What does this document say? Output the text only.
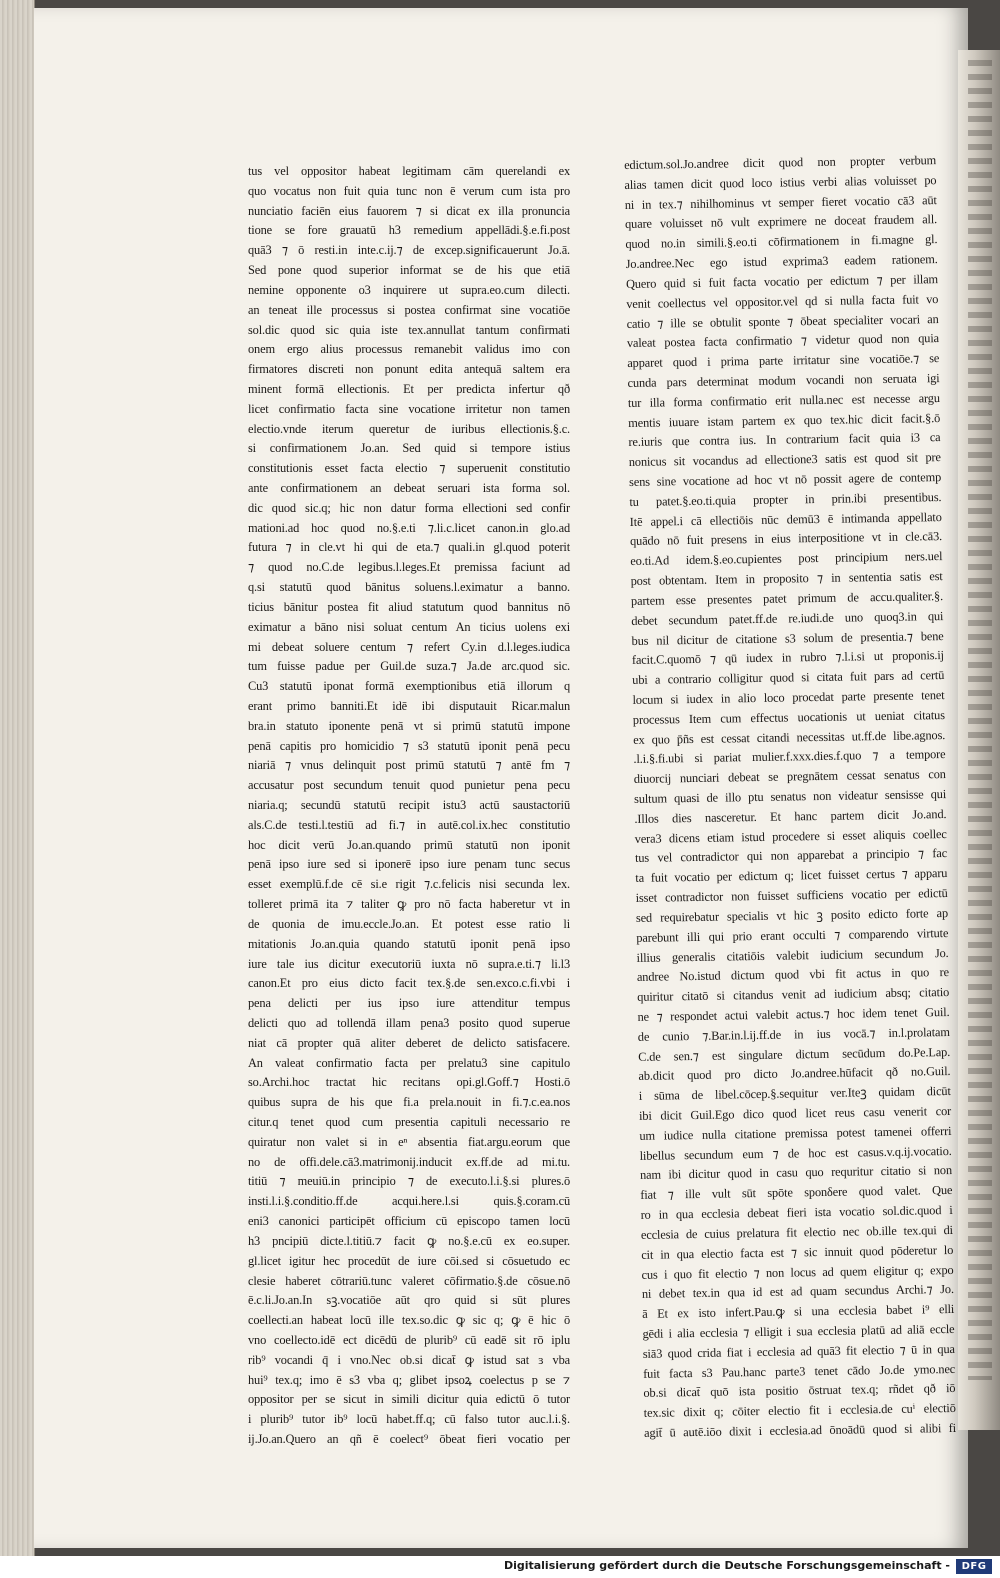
tus vel oppositor habeat legitimam cām querelandi ex
quo vocatus non fuit quia tunc non ē verum cum ista pro
nunciatio faciēn eius fauorem ⁊ si dicat ex illa pronuncia
tione se fore grauatū h3 remedium appellādi.§.e.fi.post
quā3 ⁊ ō resti.in inte.c.ij.⁊ de excep.significauerunt Jo.ā.
Sed pone quod superior informat se de his que etiā
nemine opponente o3 inquirere ut supra.eo.cum dilecti.
an teneat ille processus si postea confirmat sine vocatiōe
sol.dic quod sic quia iste tex.annullat tantum confirmati
onem ergo alius processus remanebit validus imo con
firmatores discreti non ponunt edita antequā saltem era
minent formā ellectionis. Et per predicta infertur qð
licet confirmatio facta sine vocatione irritetur non tamen
electio.vnde iterum queretur de iuribus ellectionis.§.c.
si confirmationem Jo.an. Sed quid si tempore istius
constitutionis esset facta electio ⁊ superuenit constitutio
ante confirmationem an debeat seruari ista forma sol.
dic quod sic.q; hic non datur forma ellectioni sed confir
mationi.ad hoc quod no.§.e.ti ⁊.li.c.licet canon.in glo.ad
futura ⁊ in cle.vt hi qui de eta.⁊ quali.in gl.quod poterit
⁊ quod no.C.de legibus.l.leges.Et premissa faciunt ad
q.si statutū quod bānitus soluens.l.eximatur a banno.
ticius bānitur postea fit aliud statutum quod bannitus nō
eximatur a bāno nisi soluat centum An ticius uolens exi
mi debeat soluere centum ⁊ refert Cy.in d.l.leges.iudica
tum fuisse padue per Guil.de suza.⁊ Ja.de arc.quod sic.
Cu3 statutū iponat formā exemptionibus etiā illorum q
erant primo banniti.Et idē ibi disputauit Ricar.malun
bra.in statuto iponente penā vt si primū statutū impone
penā capitis pro homicidio ⁊ s3 statutū iponit penā pecu
niariā ⁊ vnus delinquit post primū statutū ⁊ antē fm ⁊
accusatur post secundum tenuit quod punietur pena pecu
niaria.q; secundū statutū recipit istu3 actū saustactoriū
als.C.de testi.l.testiū ad fi.⁊ in autē.col.ix.hec constitutio
hoc dicit verū Jo.an.quando primū statutū non iponit
penā ipso iure sed si iponerē ipso iure penam tunc secus
esset exemplū.f.de cē si.e rigit ⁊.c.felicis nisi secunda lex.
tolleret primā ita ⁊ taliter ꝙ pro nō facta haberetur vt in
de quonia de imu.eccle.Jo.an. Et potest esse ratio li
mitationis Jo.an.quia quando statutū iponit penā ipso
iure tale ius dicitur executoriū iuxta nō supra.e.ti.⁊ li.l3
canon.Et pro eius dicto facit tex.§.de sen.exco.c.fi.vbi i
pena delicti per ius ipso iure attenditur tempus
delicti quo ad tollendā illam pena3 posito quod superue
niat cā propter quā aliter deberet de delicto satisfacere.
An valeat confirmatio facta per prelatu3 sine capitulo
so.Archi.hoc tractat hic recitans opi.gl.Goff.⁊ Hosti.ō
quibus supra de his que fi.a prela.nouit in fi.⁊.c.ea.nos
citur.q tenet quod cum presentia capituli necessario re
quiratur non valet si in eⁿ absentia fiat.argu.eorum que
no de offi.dele.cā3.matrimonij.inducit ex.ff.de ad mi.tu.
titiū ⁊ meuiū.in principio ⁊ de executo.l.i.§.si plures.ō
insti.l.i.§.conditio.ff.de acqui.here.l.si quis.§.coram.cū
eni3 canonici participēt officium cū episcopo tamen locū
h3 pncipiū dicte.l.titiū.⁊ facit ꝙ no.§.e.cū ex eo.super.
gl.licet igitur hec procedūt de iure cōi.sed si cōsuetudo ec
clesie haberet cōtrariū.tunc valeret cōfirmatio.§.de cōsue.nō
ē.c.li.Jo.an.In sꝫ.vocatiōe aūt qro quid si sūt plures
coellecti.an habeat locū ille tex.so.dic ꝙ sic q; ꝙ ē hic ō
vno coellecto.idē ect dicēdū de plurib⁹ cū eadē sit rō iplu
rib⁹ vocandi q̄ i vno.Nec ob.si dicat̄ ꝙ istud sat ɜ vba
hui⁹ tex.q; imo ē s3 vba q; glibet ipsoꝝ coelectus p se ⁊
oppositor per se sicut in simili dicitur quia edictū ō tutor
i plurib⁹ tutor ib⁹ locū habet.ff.q; cū falso tutor auc.l.i.§.
ij.Jo.an.Quero an qñ ē coelect⁹ ōbeat fieri vocatio per
edictum.sol.Jo.andree dicit quod non propter verbum
alias tamen dicit quod loco istius verbi alias voluisset po
ni in tex.⁊ nihilhominus vt semper fieret vocatio cā3 aūt
quare voluisset nō vult exprimere ne doceat fraudem all.
quod no.in simili.§.eo.ti cōfirmationem in fi.magne gl.
Jo.andree.Nec ego istud exprima3 eadem rationem.
Quero quid si fuit facta vocatio per edictum ⁊ per illam
venit coellectus vel oppositor.vel qd si nulla facta fuit vo
catio ⁊ ille se obtulit sponte ⁊ ōbeat specialiter vocari an
valeat postea facta confirmatio ⁊ videtur quod non quia
apparet quod i prima parte irritatur sine vocatiōe.⁊ se
cunda pars determinat modum vocandi non seruata igi
tur illa forma confirmatio erit nulla.nec est necesse argu
mentis iuuare istam partem ex quo tex.hic dicit facit.§.ō
re.iuris que contra ius. In contrarium facit quia i3 ca
nonicus sit vocandus ad ellectione3 satis est quod sit pre
sens sine vocatione ad hoc vt nō possit agere de contemp
tu patet.§.eo.ti.quia propter in prin.ibi presentibus.
Itē appel.i cā ellectiōis nūc demū3 ē intimanda appellato
quādo nō fuit presens in eius interpositione vt in cle.cā3.
eo.ti.Ad idem.§.eo.cupientes post principium ners.uel
post obtentam. Item in proposito ⁊ in sententia satis est
partem esse presentes patet primum de accu.qualiter.§.
debet secundum patet.ff.de re.iudi.de uno quoq3.in qui
bus nil dicitur de citatione s3 solum de presentia.⁊ bene
facit.C.quomō ⁊ qū iudex in rubro ⁊.l.i.si ut proponis.ij
ubi a contrario colligitur quod si citata fuit pars ad certū
locum si iudex in alio loco procedat parte presente tenet
processus Item cum effectus uocationis ut ueniat citatus
ex quo p̄ñs est cessat citandi necessitas ut.ff.de libe.agnos.
.l.i.§.fi.ubi si pariat mulier.f.xxx.dies.f.quo ⁊ a tempore
diuorcij nunciari debeat se pregnātem cessat senatus con
sultum quasi de illo ptu senatus non videatur sensisse qui
.Illos dies nasceretur. Et hanc partem dicit Jo.and.
vera3 dicens etiam istud procedere si esset aliquis coellec
tus vel contradictor qui non apparebat a principio ⁊ fac
ta fuit vocatio per edictum q; licet fuisset certus ⁊ apparu
isset contradictor non fuisset sufficiens vocatio per edictū
sed requirebatur specialis vt hic ꝫ posito edicto forte ap
parebunt illi qui prio erant occulti ⁊ comparendo virtute
illius generalis citatiōis valebit iudicium secundum Jo.
andree No.istud dictum quod vbi fit actus in quo re
quiritur citatō si citandus venit ad iudicium absq; citatio
ne ⁊ respondet actui valebit actus.⁊ hoc idem tenet Guil.
de cunio ⁊.Bar.in.l.ij.ff.de in ius vocā.⁊ in.l.prolatam
C.de sen.⁊ est singulare dictum secūdum do.Pe.Lap.
ab.dicit quod pro dicto Jo.andree.hūfacit qð no.Guil.
i sūma de libel.cōcep.§.sequitur ver.Iteꝫ quidam dicūt
ibi dicit Guil.Ego dico quod licet reus casu venerit cor
um iudice nulla citatione premissa potest tamenei offerri
libellus secundum eum ⁊ de hoc est casus.v.q.ij.vocatio.
nam ibi dicitur quod in casu quo requritur citatio si non
fiat ⁊ ille vult sūt spōte sponδere quod valet. Que
ro in qua ecclesia debeat fieri ista vocatio sol.dic.quod i
ecclesia de cuius prelatura fit electio nec ob.ille tex.qui di
cit in qua electio facta est ⁊ sic innuit quod pōderetur lo
cus i quo fit electio ⁊ non locus ad quem eligitur q; expo
ni debet tex.in qua id est ad quam secundus Archi.⁊ Jo.
ā Et ex isto infert.Pau.ꝙ si una ecclesia babet i⁹ elli
gēdi i alia ecclesia ⁊ elligit i sua ecclesia platū ad aliā eccle
siā3 quod crida fiat i ecclesia ad quā3 fit electio ⁊ ū in qua
fuit facta s3 Pau.hanc parte3 tenet cādo Jo.de ymo.nec
ob.si dicat̄ quō ista positio ōstruat tex.q; rñdet qð iō
tex.sic dixit q; cōiter electio fit i ecclesia.de cuⁱ electiō
agit̄ ū autē.iōo dixit i ecclesia.ad ōnoādū quod si alibi fi
Digitalisierung gefördert durch die Deutsche Forschungsgemeinschaft -	DFG
